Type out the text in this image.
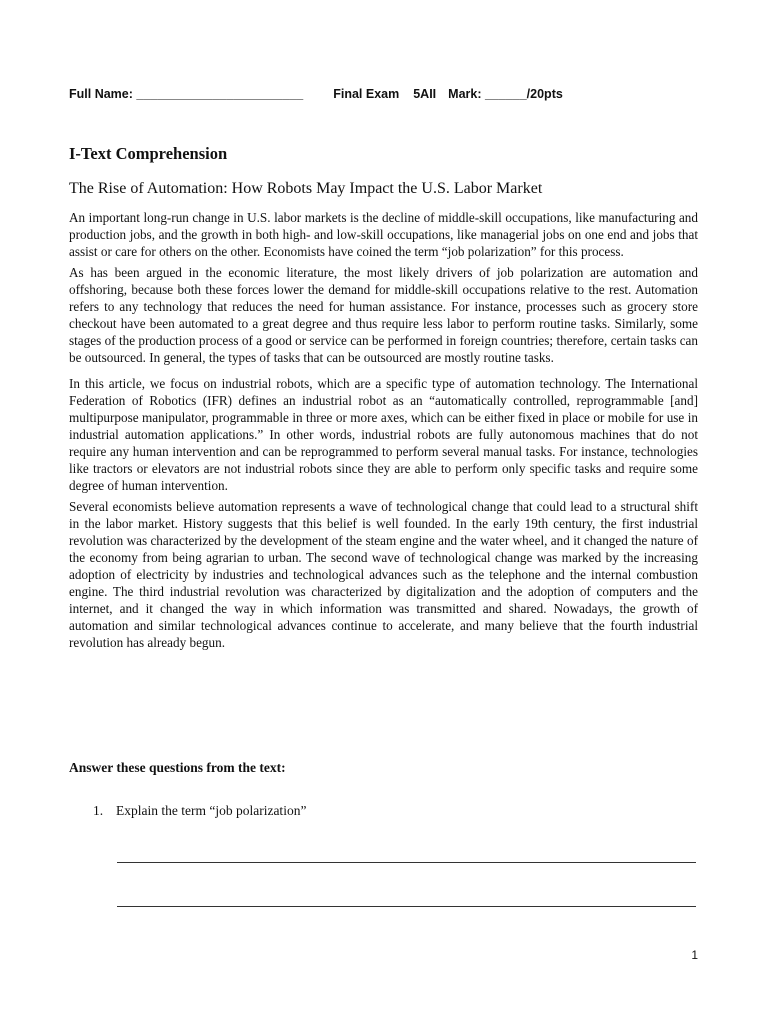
Full Name: ________________________ Final Exam 5AII Mark: ______/20pts
I-Text Comprehension
The Rise of Automation: How Robots May Impact the U.S. Labor Market

An important long-run change in U.S. labor markets is the decline of middle-skill occupations, like manufacturing and production jobs, and the growth in both high- and low-skill occupations, like managerial jobs on one end and jobs that assist or care for others on the other. Economists have coined the term “job polarization” for this process.

As has been argued in the economic literature, the most likely drivers of job polarization are automation and offshoring, because both these forces lower the demand for middle-skill occupations relative to the rest. Automation refers to any technology that reduces the need for human assistance. For instance, processes such as grocery store checkout have been automated to a great degree and thus require less labor to perform routine tasks. Similarly, some stages of the production process of a good or service can be performed in foreign countries; therefore, certain tasks can be outsourced. In general, the types of tasks that can be outsourced are mostly routine tasks.

In this article, we focus on industrial robots, which are a specific type of automation technology. The International Federation of Robotics (IFR) defines an industrial robot as an “automatically controlled, reprogrammable [and] multipurpose manipulator, programmable in three or more axes, which can be either fixed in place or mobile for use in industrial automation applications.” In other words, industrial robots are fully autonomous machines that do not require any human intervention and can be reprogrammed to perform several manual tasks. For instance, technologies like tractors or elevators are not industrial robots since they are able to perform only specific tasks and require some degree of human intervention.

Several economists believe automation represents a wave of technological change that could lead to a structural shift in the labor market. History suggests that this belief is well founded. In the early 19th century, the first industrial revolution was characterized by the development of the steam engine and the water wheel, and it changed the nature of the economy from being agrarian to urban. The second wave of technological change was marked by the increasing adoption of electricity by industries and technological advances such as the telephone and the internal combustion engine. The third industrial revolution was characterized by digitalization and the adoption of computers and the internet, and it changed the way in which information was transmitted and shared. Nowadays, the growth of automation and similar technological advances continue to accelerate, and many believe that the fourth industrial revolution has already begun.

Answer these questions from the text:
1. Explain the term “job polarization”
1
